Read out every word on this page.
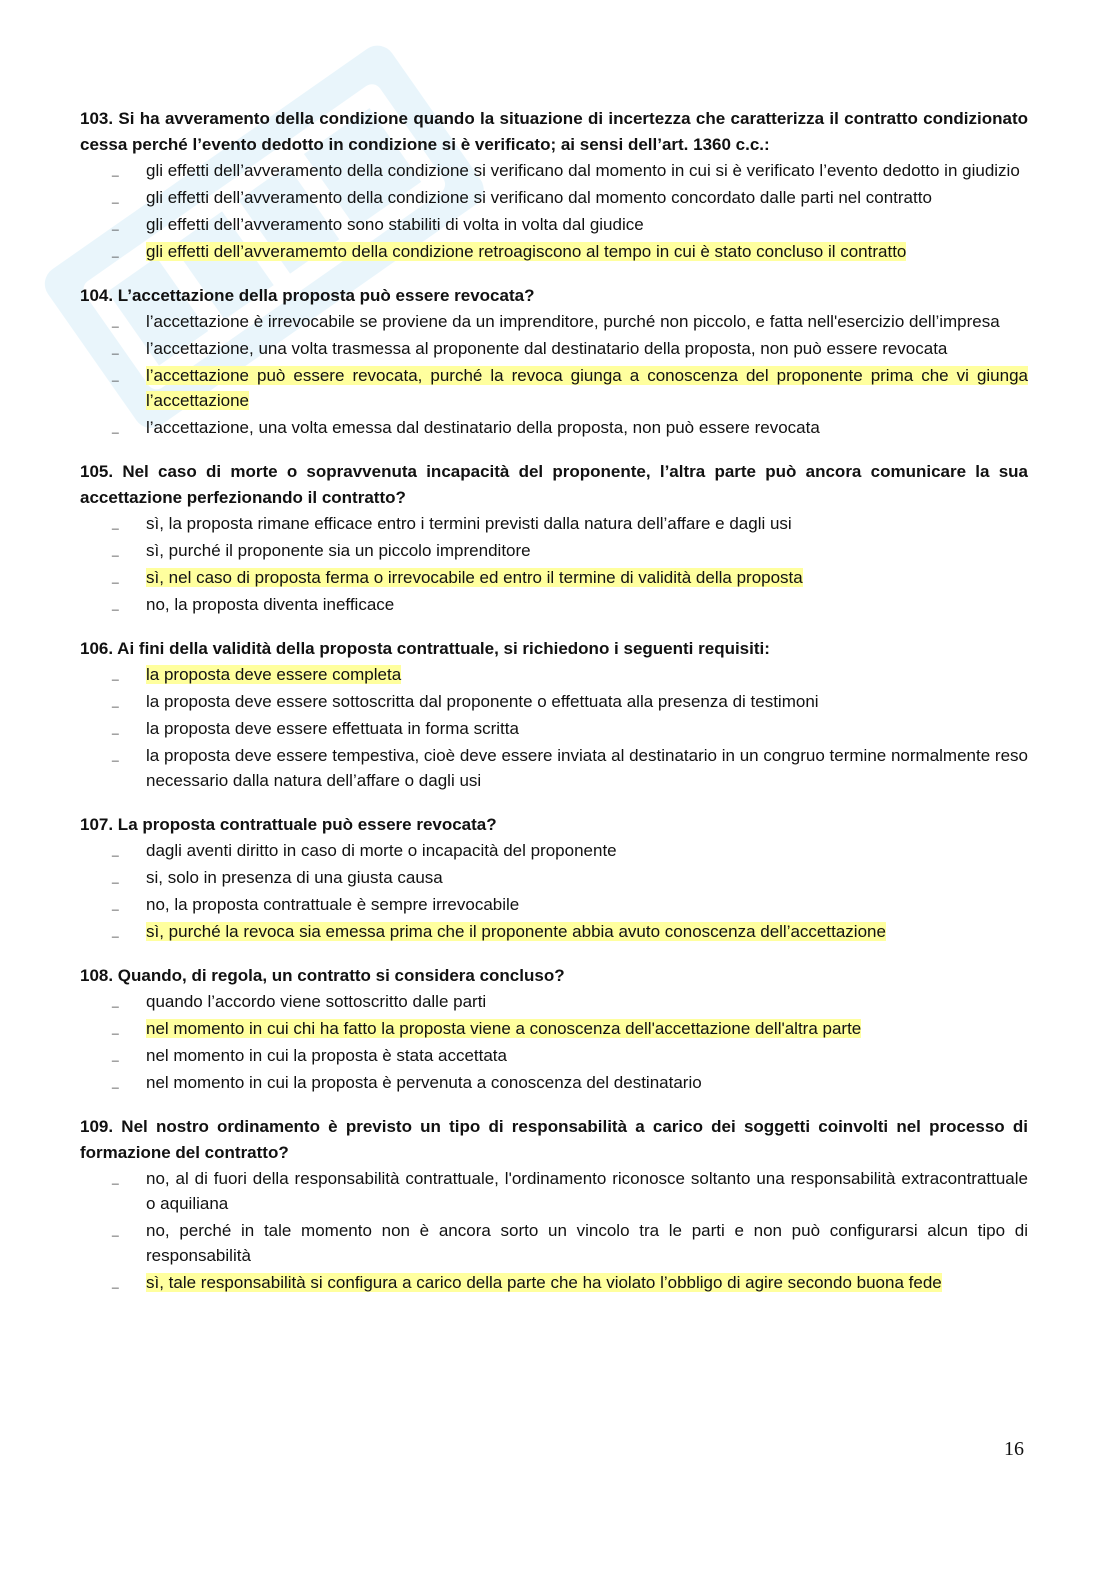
103. Si ha avveramento della condizione quando la situazione di incertezza che caratterizza il contratto condizionato cessa perché l’evento dedotto in condizione si è verificato; ai sensi dell’art. 1360 c.c.:

_ gli effetti dell’avveramento della condizione si verificano dal momento in cui si è verificato l’evento dedotto in giudizio
_ gli effetti dell’avveramento della condizione si verificano dal momento concordato dalle parti nel contratto
_ gli effetti dell’avveramento sono stabiliti di volta in volta dal giudice
_ gli effetti dell’avveramemto della condizione retroagiscono al tempo in cui è stato concluso il contratto

104. L’accettazione della proposta può essere revocata?

_ l’accettazione è irrevocabile se proviene da un imprenditore, purché non piccolo, e fatta nell'esercizio dell’impresa
_ l’accettazione, una volta trasmessa al proponente dal destinatario della proposta, non può essere revocata
_ l’accettazione può essere revocata, purché la revoca giunga a conoscenza del proponente prima che vi giunga l’accettazione
_ l’accettazione, una volta emessa dal destinatario della proposta, non può essere revocata

105. Nel caso di morte o sopravvenuta incapacità del proponente, l’altra parte può ancora comunicare la sua accettazione perfezionando il contratto?

_ sì, la proposta rimane efficace entro i termini previsti dalla natura dell’affare e dagli usi
_ sì, purché il proponente sia un piccolo imprenditore
_ sì, nel caso di proposta ferma o irrevocabile ed entro il termine di validità della proposta
_ no, la proposta diventa inefficace

106. Ai fini della validità della proposta contrattuale, si richiedono i seguenti requisiti:

_ la proposta deve essere completa
_ la proposta deve essere sottoscritta dal proponente o effettuata alla presenza di testimoni
_ la proposta deve essere effettuata in forma scritta
_ la proposta deve essere tempestiva, cioè deve essere inviata al destinatario in un congruo termine normalmente reso necessario dalla natura dell’affare o dagli usi

107. La proposta contrattuale può essere revocata?

_ dagli aventi diritto in caso di morte o incapacità del proponente
_ si, solo in presenza di una giusta causa
_ no, la proposta contrattuale è sempre irrevocabile
_ sì, purché la revoca sia emessa prima che il proponente abbia avuto conoscenza dell’accettazione

108. Quando, di regola, un contratto si considera concluso?

_ quando l’accordo viene sottoscritto dalle parti
_ nel momento in cui chi ha fatto la proposta viene a conoscenza dell'accettazione dell'altra parte
_ nel momento in cui la proposta è stata accettata
_ nel momento in cui la proposta è pervenuta a conoscenza del destinatario

109. Nel nostro ordinamento è previsto un tipo di responsabilità a carico dei soggetti coinvolti nel processo di formazione del contratto?

_ no, al di fuori della responsabilità contrattuale, l'ordinamento riconosce soltanto una responsabilità extracontrattuale o aquiliana
_ no, perché in tale momento non è ancora sorto un vincolo tra le parti e non può configurarsi alcun tipo di responsabilità
_ sì, tale responsabilità si configura a carico della parte che ha violato l’obbligo di agire secondo buona fede
16
